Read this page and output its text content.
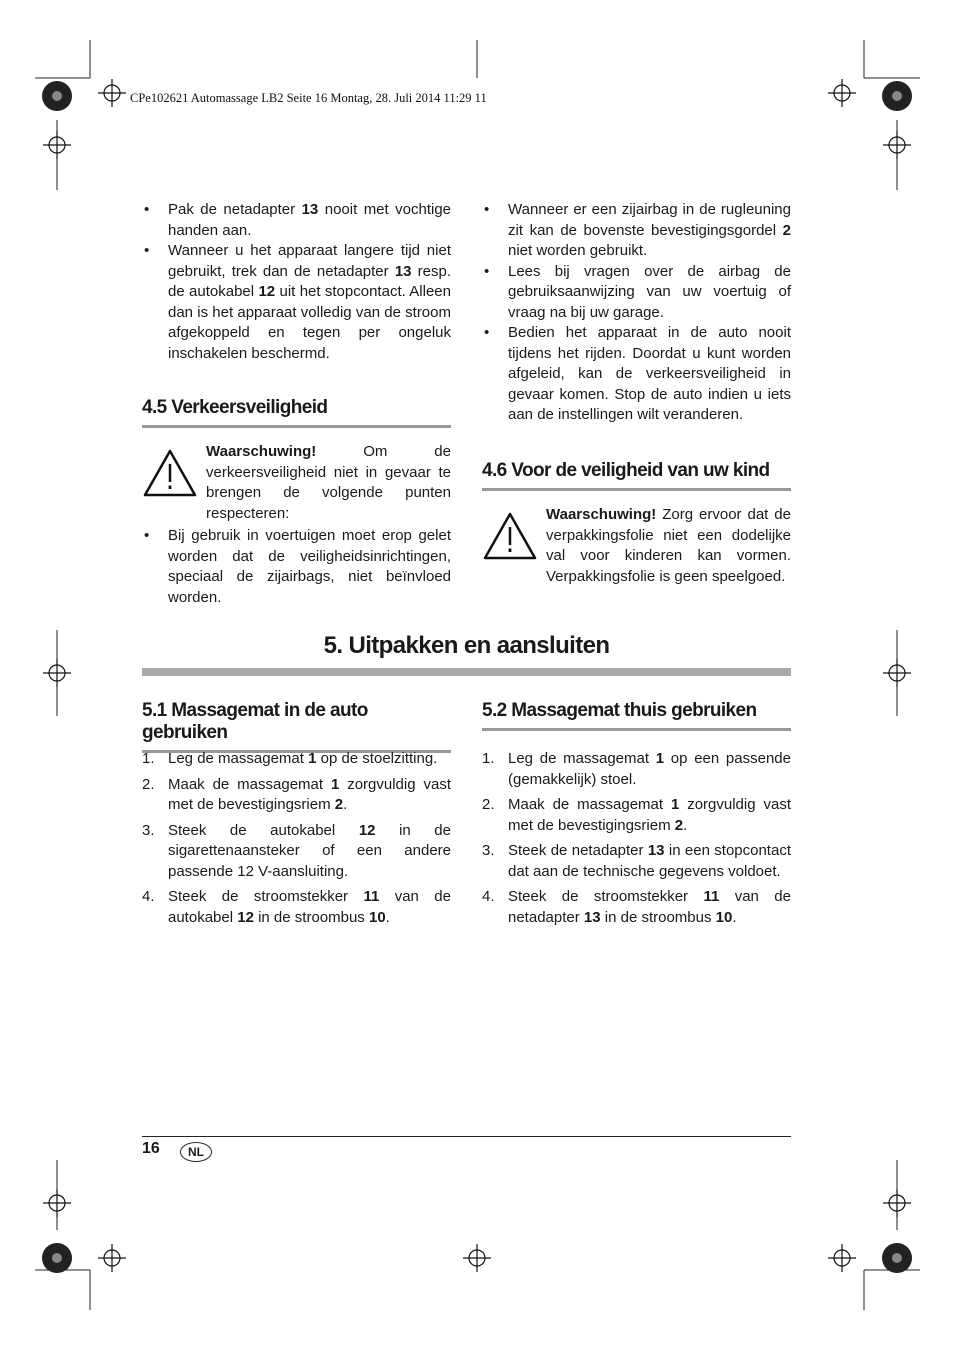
CPe102621 Automassage LB2 Seite 16 Montag, 28. Juli 2014 11:29 11
• Pak de netadapter 13 nooit met vochtige handen aan.
• Wanneer u het apparaat langere tijd niet gebruikt, trek dan de netadapter 13 resp. de autokabel 12 uit het stopcontact. Alleen dan is het apparaat volledig van de stroom afgekoppeld en tegen per ongeluk inschakelen beschermd.
4.5 Verkeersveiligheid
Waarschuwing! Om de verkeersveiligheid niet in gevaar te brengen de volgende punten respecteren:
• Bij gebruik in voertuigen moet erop gelet worden dat de veiligheidsinrichtingen, speciaal de zijairbags, niet beïnvloed worden.
• Wanneer er een zijairbag in de rugleuning zit kan de bovenste bevestigingsgordel 2 niet worden gebruikt.
• Lees bij vragen over de airbag de gebruiksaanwijzing van uw voertuig of vraag na bij uw garage.
• Bedien het apparaat in de auto nooit tijdens het rijden. Doordat u kunt worden afgeleid, kan de verkeersveiligheid in gevaar komen. Stop de auto indien u iets aan de instellingen wilt veranderen.
4.6 Voor de veiligheid van uw kind
Waarschuwing! Zorg ervoor dat de verpakkingsfolie niet een dodelijke val voor kinderen kan vormen. Verpakkingsfolie is geen speelgoed.
5. Uitpakken en aansluiten
5.1 Massagemat in de auto gebruiken
1. Leg de massagemat 1 op de stoelzitting.
2. Maak de massagemat 1 zorgvuldig vast met de bevestigingsriem 2.
3. Steek de autokabel 12 in de sigarettenaansteker of een andere passende 12 V-aansluiting.
4. Steek de stroomstekker 11 van de autokabel 12 in de stroombus 10.
5.2 Massagemat thuis gebruiken
1. Leg de massagemat 1 op een passende (gemakkelijk) stoel.
2. Maak de massagemat 1 zorgvuldig vast met de bevestigingsriem 2.
3. Steek de netadapter 13 in een stopcontact dat aan de technische gegevens voldoet.
4. Steek de stroomstekker 11 van de netadapter 13 in de stroombus 10.
16	NL
